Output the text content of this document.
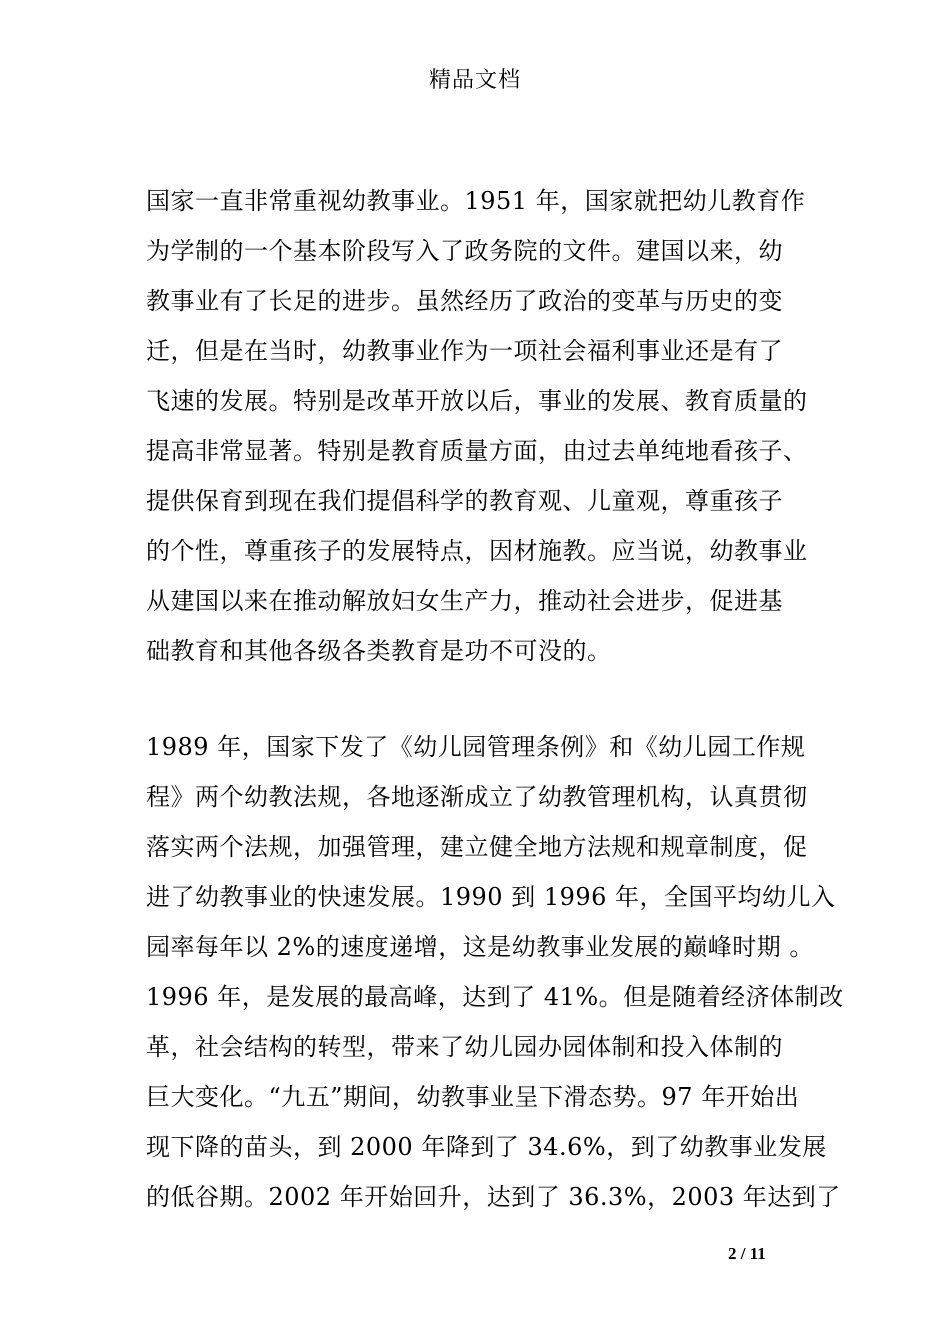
精品文档
国家一直非常重视幼教事业。1951 年，国家就把幼儿教育作
为学制的一个基本阶段写入了政务院的文件。建国以来，幼
教事业有了长足的进步。虽然经历了政治的变革与历史的变
迁，但是在当时，幼教事业作为一项社会福利事业还是有了
飞速的发展。特别是改革开放以后，事业的发展、教育质量的
提高非常显著。特别是教育质量方面，由过去单纯地看孩子、
提供保育到现在我们提倡科学的教育观、儿童观，尊重孩子
的个性，尊重孩子的发展特点，因材施教。应当说，幼教事业
从建国以来在推动解放妇女生产力，推动社会进步，促进基
础教育和其他各级各类教育是功不可没的。
1989 年，国家下发了《幼儿园管理条例》和《幼儿园工作规
程》两个幼教法规，各地逐渐成立了幼教管理机构，认真贯彻
落实两个法规，加强管理，建立健全地方法规和规章制度，促
进了幼教事业的快速发展。1990 到 1996 年，全国平均幼儿入
园率每年以 2%的速度递增，这是幼教事业发展的巅峰时期 。
1996 年，是发展的最高峰，达到了 41%。但是随着经济体制改
革，社会结构的转型，带来了幼儿园办园体制和投入体制的
巨大变化。“九五”期间，幼教事业呈下滑态势。97 年开始出
现下降的苗头，到 2000 年降到了 34.6%，到了幼教事业发展
的低谷期。2002 年开始回升，达到了 36.3%，2003 年达到了
2 / 11
